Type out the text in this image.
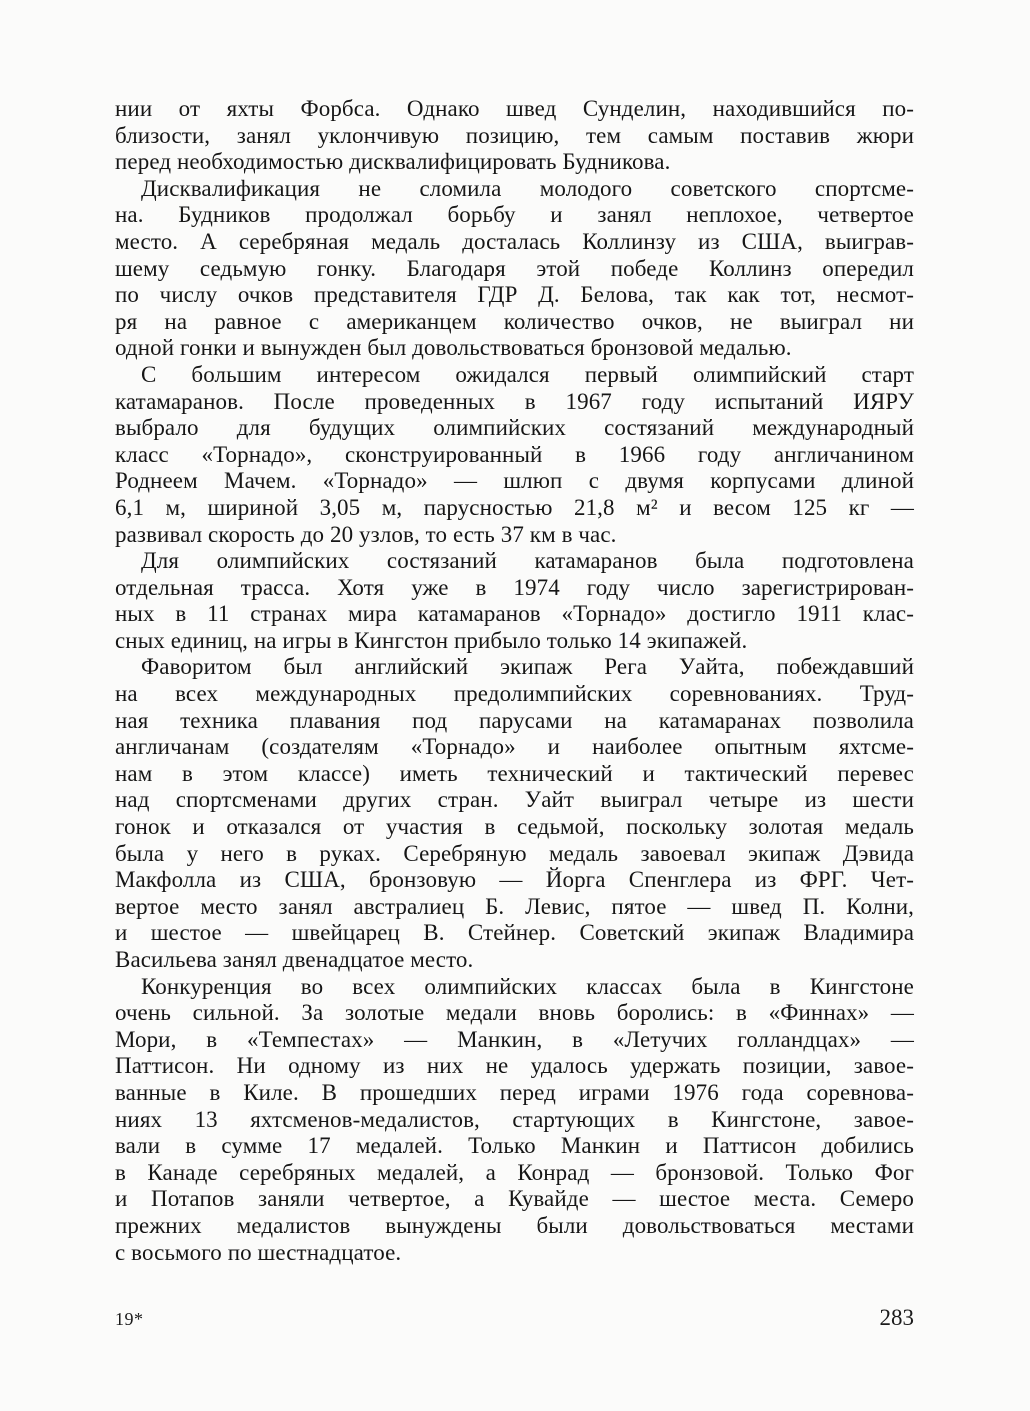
нии от яхты Форбса. Однако швед Сунделин, находившийся по-
близости, занял уклончивую позицию, тем самым поставив жюри
перед необходимостью дисквалифицировать Будникова.

Дисквалификация не сломила молодого советского спортсме-
на. Будников продолжал борьбу и занял неплохое, четвертое
место. А серебряная медаль досталась Коллинзу из США, выиграв-
шему седьмую гонку. Благодаря этой победе Коллинз опередил
по числу очков представителя ГДР Д. Белова, так как тот, несмот-
ря на равное с американцем количество очков, не выиграл ни
одной гонки и вынужден был довольствоваться бронзовой медалью.

С большим интересом ожидался первый олимпийский старт
катамаранов. После проведенных в 1967 году испытаний ИЯРУ
выбрало для будущих олимпийских состязаний международный
класс «Торнадо», сконструированный в 1966 году англичанином
Роднеем Мачем. «Торнадо» — шлюп с двумя корпусами длиной
6,1 м, шириной 3,05 м, парусностью 21,8 м² и весом 125 кг —
развивал скорость до 20 узлов, то есть 37 км в час.

Для олимпийских состязаний катамаранов была подготовлена
отдельная трасса. Хотя уже в 1974 году число зарегистрирован-
ных в 11 странах мира катамаранов «Торнадо» достигло 1911 клас-
сных единиц, на игры в Кингстон прибыло только 14 экипажей.

Фаворитом был английский экипаж Рега Уайта, побеждавший
на всех международных предолимпийских соревнованиях. Труд-
ная техника плавания под парусами на катамаранах позволила
англичанам (создателям «Торнадо» и наиболее опытным яхтсме-
нам в этом классе) иметь технический и тактический перевес
над спортсменами других стран. Уайт выиграл четыре из шести
гонок и отказался от участия в седьмой, поскольку золотая медаль
была у него в руках. Серебряную медаль завоевал экипаж Дэвида
Макфолла из США, бронзовую — Йорга Спенглера из ФРГ. Чет-
вертое место занял австралиец Б. Левис, пятое — швед П. Колни,
и шестое — швейцарец В. Стейнер. Советский экипаж Владимира
Васильева занял двенадцатое место.

Конкуренция во всех олимпийских классах была в Кингстоне
очень сильной. За золотые медали вновь боролись: в «Финнах» —
Мори, в «Темпестах» — Манкин, в «Летучих голландцах» —
Паттисон. Ни одному из них не удалось удержать позиции, завое-
ванные в Киле. В прошедших перед играми 1976 года соревнова-
ниях 13 яхтсменов-медалистов, стартующих в Кингстоне, завое-
вали в сумме 17 медалей. Только Манкин и Паттисон добились
в Канаде серебряных медалей, а Конрад — бронзовой. Только Фог
и Потапов заняли четвертое, а Кувайде — шестое места. Семеро
прежних медалистов вынуждены были довольствоваться местами
с восьмого по шестнадцатое.

19*	283
